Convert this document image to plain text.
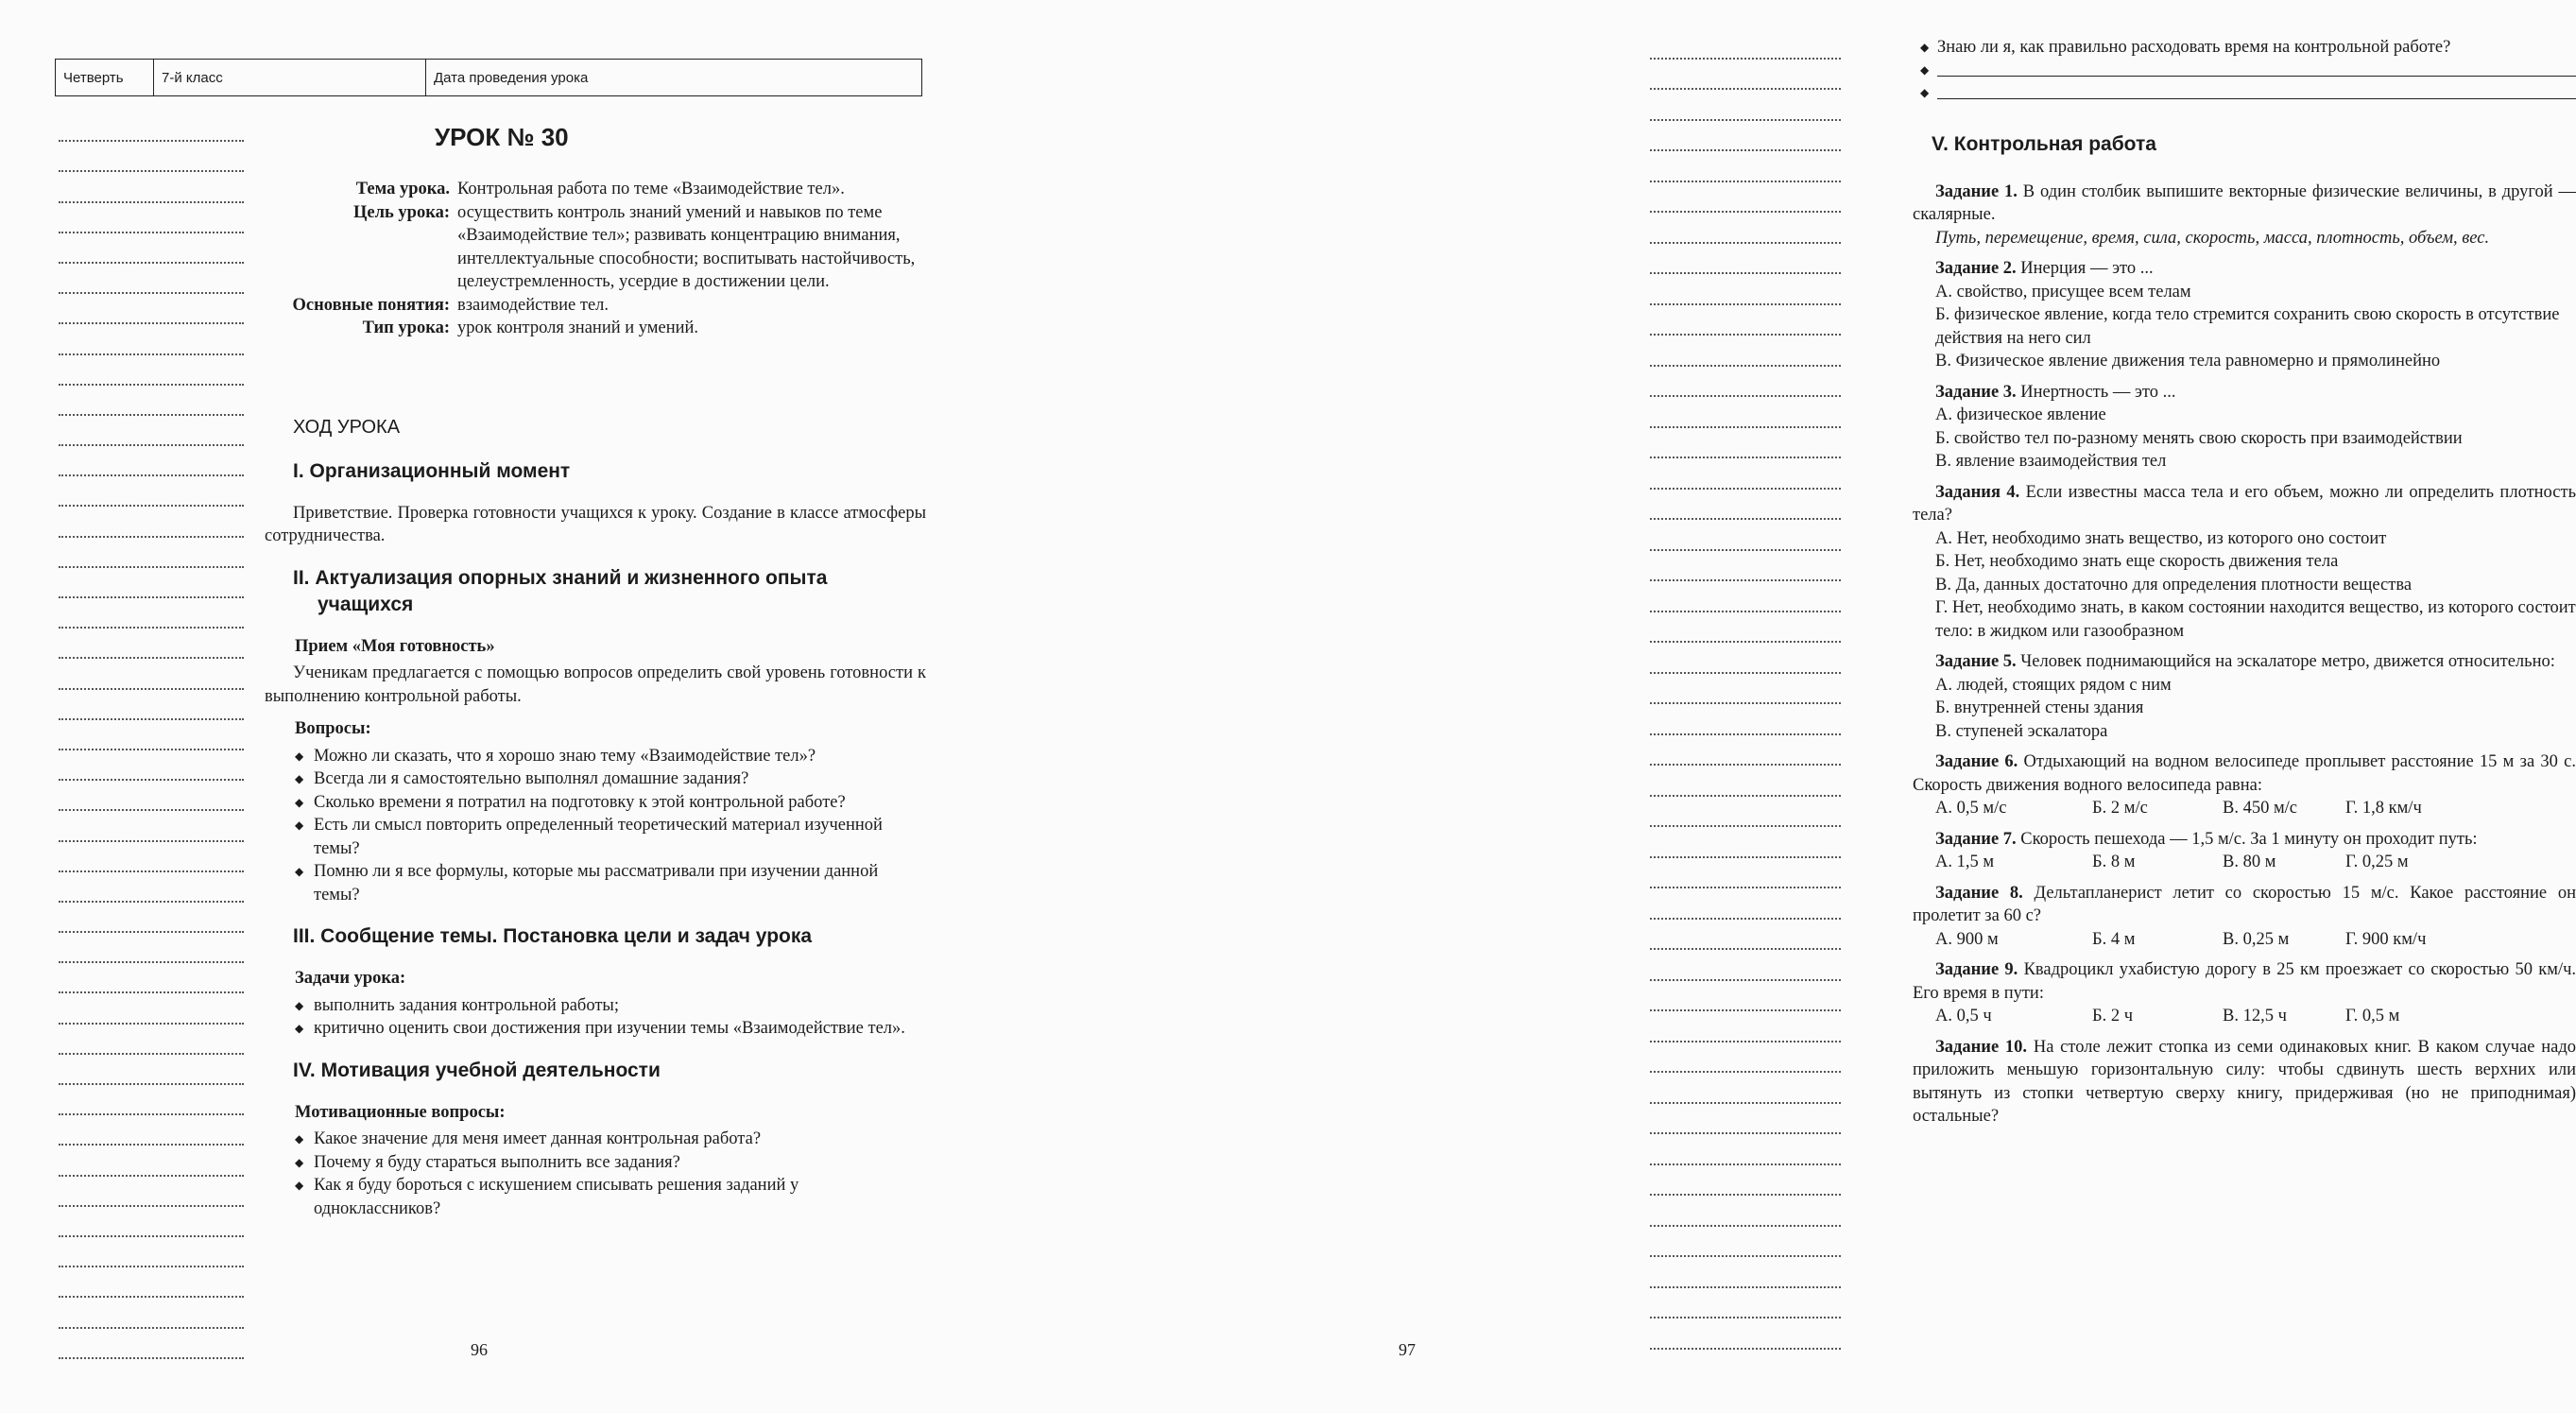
Четверть	7-й класс	Дата проведения урока
УРОК № 30
Тема урока. Контрольная работа по теме «Взаимодействие тел».
Цель урока: осуществить контроль знаний умений и навыков по теме «Взаимодействие тел»; развивать концентрацию внимания, интеллектуальные способности; воспитывать настойчивость, целеустремленность, усердие в достижении цели.
Основные понятия: взаимодействие тел.
Тип урока: урок контроля знаний и умений.
ХОД УРОКА
I. Организационный момент

Приветствие. Проверка готовности учащихся к уроку. Создание в классе атмосферы сотрудничества.

II. Актуализация опорных знаний и жизненного опыта
учащихся
Прием «Моя готовность»

Ученикам предлагается с помощью вопросов определить свой уровень готовности к выполнению контрольной работы.

Вопросы:
◆ Можно ли сказать, что я хорошо знаю тему «Взаимодействие тел»?
◆ Всегда ли я самостоятельно выполнял домашние задания?
◆ Сколько времени я потратил на подготовку к этой контрольной работе?
◆ Есть ли смысл повторить определенный теоретический материал изученной темы?
◆ Помню ли я все формулы, которые мы рассматривали при изучении данной темы?
III. Сообщение темы. Постановка цели и задач урока
Задачи урока:
◆ выполнить задания контрольной работы;
◆ критично оценить свои достижения при изучении темы «Взаимодействие тел».
IV. Мотивация учебной деятельности
Мотивационные вопросы:
◆ Какое значение для меня имеет данная контрольная работа?
◆ Почему я буду стараться выполнить все задания?
◆ Как я буду бороться с искушением списывать решения заданий у одноклассников?
96
◆ Знаю ли я, как правильно расходовать время на контрольной работе?
◆
◆
V. Контрольная работа
Задание 1. В один столбик выпишите векторные физические величины, в другой — скалярные.
Путь, перемещение, время, сила, скорость, масса, плотность, объем, вес.
Задание 2. Инерция — это ...
А. свойство, присущее всем телам
Б. физическое явление, когда тело стремится сохранить свою скорость в отсутствие действия на него сил
В. Физическое явление движения тела равномерно и прямолинейно
Задание 3. Инертность — это ...
А. физическое явление
Б. свойство тел по-разному менять свою скорость при взаимодействии
В. явление взаимодействия тел
Задания 4. Если известны масса тела и его объем, можно ли определить плотность тела?
А. Нет, необходимо знать вещество, из которого оно состоит
Б. Нет, необходимо знать еще скорость движения тела
В. Да, данных достаточно для определения плотности вещества
Г. Нет, необходимо знать, в каком состоянии находится вещество, из которого состоит тело: в жидком или газообразном
Задание 5. Человек поднимающийся на эскалаторе метро, движется относительно:
А. людей, стоящих рядом с ним
Б. внутренней стены здания
В. ступеней эскалатора
Задание 6. Отдыхающий на водном велосипеде проплывет расстояние 15 м за 30 с. Скорость движения водного велосипеда равна:
А. 0,5 м/с	Б. 2 м/с	В. 450 м/с	Г. 1,8 км/ч
Задание 7. Скорость пешехода — 1,5 м/с. За 1 минуту он проходит путь:
А. 1,5 м	Б. 8 м	В. 80 м	Г. 0,25 м
Задание 8. Дельтапланерист летит со скоростью 15 м/с. Какое расстояние он пролетит за 60 с?
А. 900 м	Б. 4 м	В. 0,25 м	Г. 900 км/ч
Задание 9. Квадроцикл ухабистую дорогу в 25 км проезжает со скоростью 50 км/ч. Его время в пути:
А. 0,5 ч	Б. 2 ч	В. 12,5 ч	Г. 0,5 м
Задание 10. На столе лежит стопка из семи одинаковых книг. В каком случае надо приложить меньшую горизонтальную силу: чтобы сдвинуть шесть верхних или вытянуть из стопки четвертую сверху книгу, придерживая (но не приподнимая) остальные?
97
